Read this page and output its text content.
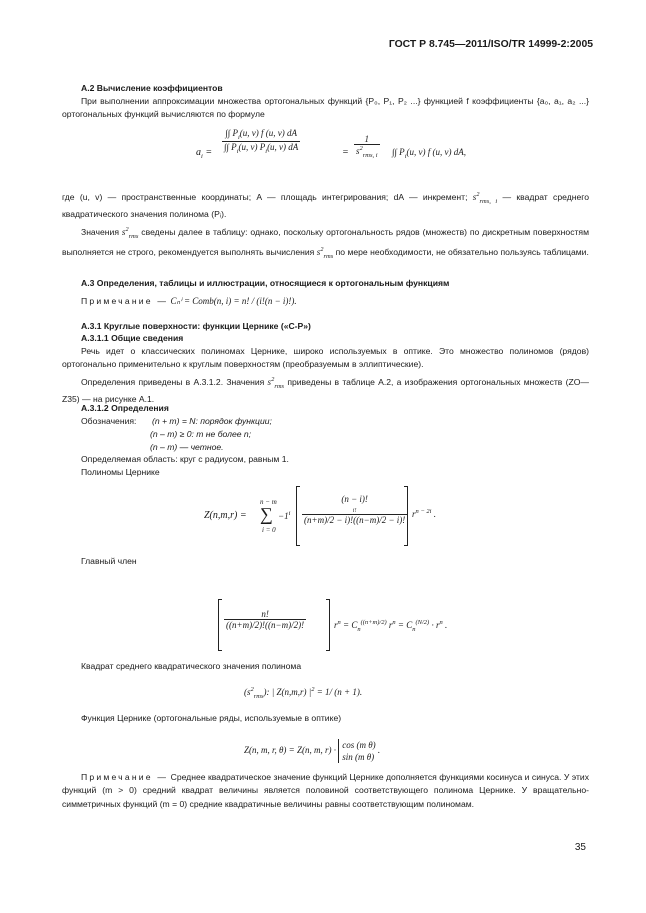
ГОСТ Р 8.745—2011/ISO/TR 14999-2:2005
А.2 Вычисление коэффициентов
При выполнении аппроксимации множества ортогональных функций {P₀, P₁, P₂ ...} функцией f коэффициенты {a₀, a₁, a₂ ...} ортогональных функций вычисляются по формуле
$a_i = \frac{\int\int P_i(u, v) f (u, v) dA}{\int\int P_i(u, v) P_i(u, v) dA}$	=
1
$s^2_{rms, i}$ ∫∫ $P_i(u$, v) f (u, v) dA,
где (u, v) — пространственные координаты; A — площадь интегрирования; dA — инкремент; $s^2_{rms, i}$ — квадрат среднего квадратического значения полинома (Pᵢ).
Значения $s^2_{rms}$ сведены далее в таблицу: однако, поскольку ортогональность рядов (множеств) по дискретным поверхностям выполняется не строго, рекомендуется выполнять вычисления $s^2_{rms}$ по мере необходимости, не обязательно пользуясь таблицами.
А.3 Определения, таблицы и иллюстрации, относящиеся к ортогональным функциям
Примечание — Cₙⁱ = Comb(n, i) = n! / (i!(n − i)!).
А.3.1 Круглые поверхности: функции Цернике («С-Р»)
А.3.1.1 Общие сведения
Речь идет о классических полиномах Цернике, широко используемых в оптике. Это множество полиномов (рядов) ортогонально применительно к круглым поверхностям (преобразуемым в эллиптические).
Определения приведены в А.3.1.2. Значения $s^2_{rms}$ приведены в таблице А.2, а изображения ортогональных множеств (ZO—Z35) — на рисунке А.1.
А.3.1.2 Определения
Обозначения: (n + m) = N: порядок функции;
(n – m) ≥ 0: m не более n;
(n – m) — четное.
Определяемая область: круг с радиусом, равным 1.
Полиномы Цернике
Z(n,m,r) =
n − m
∑
i = 0
$-1^i$
(n − i)!
i!
(n+m)/2 − i)!((n−m)/2 − i)!
$r^{n - 2i}$ .
Главный член
$\frac{n!}{((n+m)/2)!((n-m)/2)!}$	$r^n = C_n^{((n+m)/2)}$ $r^n = C_n^{(N/2)} \cdot r^n$ .
Квадрат среднего квадратического значения полинома
$(s^2_{rms})$: | Z(n,m,r) $|^2 = 1/$ (n + 1).
Функция Цернике (ортогональные ряды, используемые в оптике)
Z(n, m, r, θ) = Z(n, m, r) · cos (m θ)
sin (m θ) .
Примечание — Среднее квадратическое значение функций Цернике дополняется функциями косинуса и синуса. У этих функций (m > 0) средний квадрат величины является половиной соответствующего полинома Цернике. У вращательно-симметричных функций (m = 0) средние квадратичные величины равны соответствующим полиномам.
35
